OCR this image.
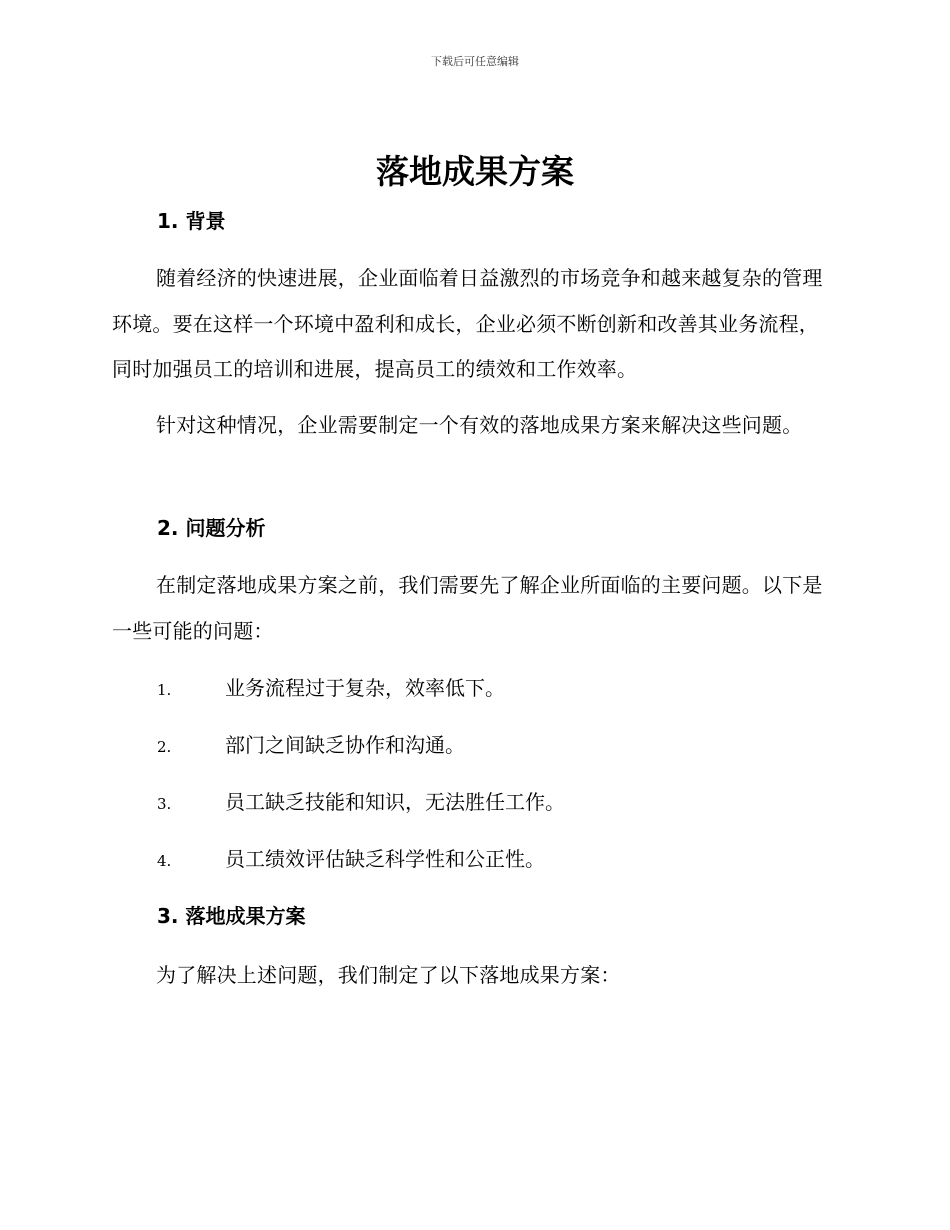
下载后可任意编辑
落地成果方案
1. 背景

随着经济的快速进展，企业面临着日益激烈的市场竞争和越来越复杂的管理环境。要在这样一个环境中盈利和成长，企业必须不断创新和改善其业务流程，同时加强员工的培训和进展，提高员工的绩效和工作效率。

针对这种情况，企业需要制定一个有效的落地成果方案来解决这些问题。

2. 问题分析

在制定落地成果方案之前，我们需要先了解企业所面临的主要问题。以下是一些可能的问题：

1.	业务流程过于复杂，效率低下。
2.	部门之间缺乏协作和沟通。
3.	员工缺乏技能和知识，无法胜任工作。
4.	员工绩效评估缺乏科学性和公正性。
3. 落地成果方案

为了解决上述问题，我们制定了以下落地成果方案：
